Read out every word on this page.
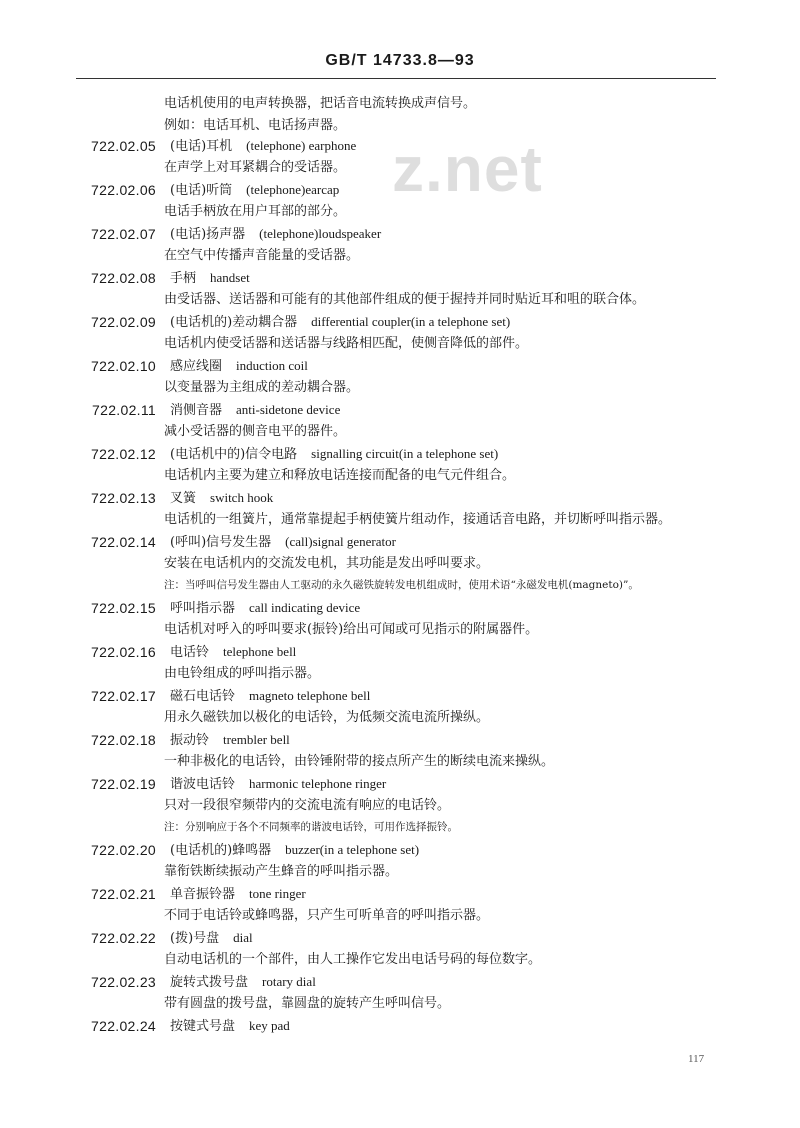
z.net
GB/T 14733.8—93
电话机使用的电声转换器，把话音电流转换成声信号。
例如：电话耳机、电话扬声器。
722.02.05 (电话)耳机 (telephone) earphone
在声学上对耳紧耦合的受话器。
722.02.06 (电话)听筒 (telephone)earcap
电话手柄放在用户耳部的部分。
722.02.07 (电话)扬声器 (telephone)loudspeaker
在空气中传播声音能量的受话器。
722.02.08 手柄 handset
由受话器、送话器和可能有的其他部件组成的便于握持并同时贴近耳和咀的联合体。
722.02.09 (电话机的)差动耦合器 differential coupler(in a telephone set)
电话机内使受话器和送话器与线路相匹配，使侧音降低的部件。
722.02.10 感应线圈 induction coil
以变量器为主组成的差动耦合器。
722.02.11 消侧音器 anti-sidetone device
减小受话器的侧音电平的器件。
722.02.12 (电话机中的)信令电路 signalling circuit(in a telephone set)
电话机内主要为建立和释放电话连接而配备的电气元件组合。
722.02.13 叉簧 switch hook
电话机的一组簧片，通常靠提起手柄使簧片组动作，接通话音电路，并切断呼叫指示器。
722.02.14 (呼叫)信号发生器 (call)signal generator
安装在电话机内的交流发电机，其功能是发出呼叫要求。
注：当呼叫信号发生器由人工驱动的永久磁铁旋转发电机组成时，使用术语“永磁发电机(magneto)”。
722.02.15 呼叫指示器 call indicating device
电话机对呼入的呼叫要求(振铃)给出可闻或可见指示的附属器件。
722.02.16 电话铃 telephone bell
由电铃组成的呼叫指示器。
722.02.17 磁石电话铃 magneto telephone bell
用永久磁铁加以极化的电话铃，为低频交流电流所操纵。
722.02.18 振动铃 trembler bell
一种非极化的电话铃，由铃锤附带的接点所产生的断续电流来操纵。
722.02.19 谐波电话铃 harmonic telephone ringer
只对一段很窄频带内的交流电流有响应的电话铃。
注：分别响应于各个不同频率的谐波电话铃，可用作选择振铃。
722.02.20 (电话机的)蜂鸣器 buzzer(in a telephone set)
靠衔铁断续振动产生蜂音的呼叫指示器。
722.02.21 单音振铃器 tone ringer
不同于电话铃或蜂鸣器，只产生可听单音的呼叫指示器。
722.02.22 (拨)号盘 dial
自动电话机的一个部件，由人工操作它发出电话号码的每位数字。
722.02.23 旋转式拨号盘 rotary dial
带有圆盘的拨号盘，靠圆盘的旋转产生呼叫信号。
722.02.24 按键式号盘 key pad
117
